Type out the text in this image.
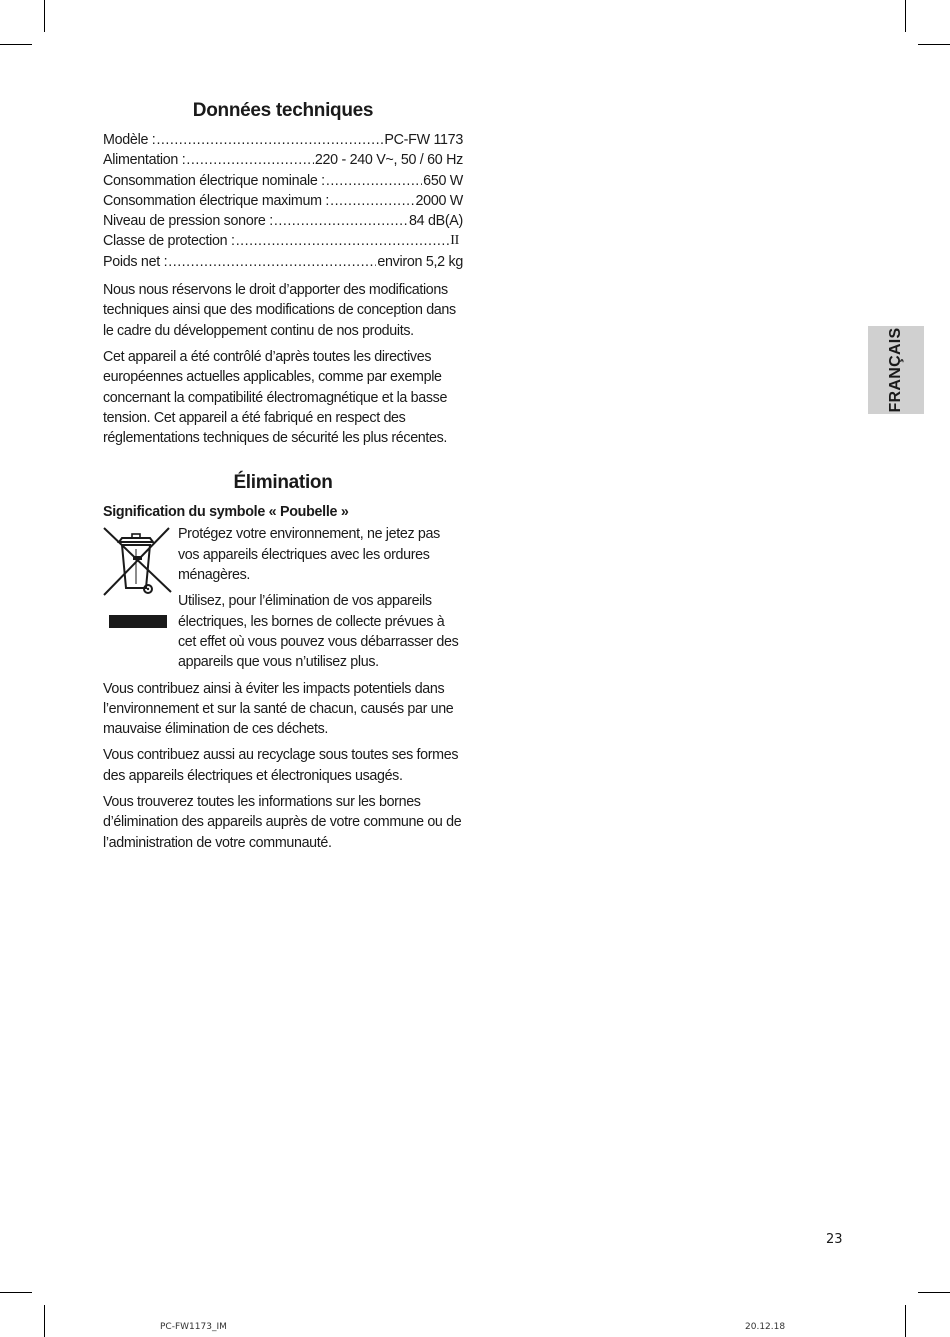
Données techniques
Modèle : .....	PC-FW 1173
Alimentation : .....	220 - 240 V~, 50 / 60 Hz
Consommation électrique nominale : .....	650 W
Consommation électrique maximum : .....	2000 W
Niveau de pression sonore : .....	84 dB(A)
Classe de protection : .....	II
Poids net : .....	environ 5,2 kg

Nous nous réservons le droit d’apporter des modifications techniques ainsi que des modifications de conception dans le cadre du développement continu de nos produits.

Cet appareil a été contrôlé d’après toutes les directives européennes actuelles applicables, comme par exemple concernant la compatibilité électromagnétique et la basse tension. Cet appareil a été fabriqué en respect des réglementations techniques de sécurité les plus récentes.

Élimination
Signification du symbole « Poubelle »

Protégez votre environnement, ne jetez pas vos appareils électriques avec les ordures ménagères.

Utilisez, pour l’élimination de vos appareils électriques, les bornes de collecte prévues à cet effet où vous pouvez vous débarrasser des appareils que vous n’utilisez plus.

Vous contribuez ainsi à éviter les impacts potentiels dans l’environnement et sur la santé de chacun, causés par une mauvaise élimination de ces déchets.

Vous contribuez aussi au recyclage sous toutes ses formes des appareils électriques et électroniques usagés.

Vous trouverez toutes les informations sur les bornes d’élimination des appareils auprès de votre commune ou de l’administration de votre communauté.

FRANÇAIS
23
PC-FW1173_IM	20.12.18
